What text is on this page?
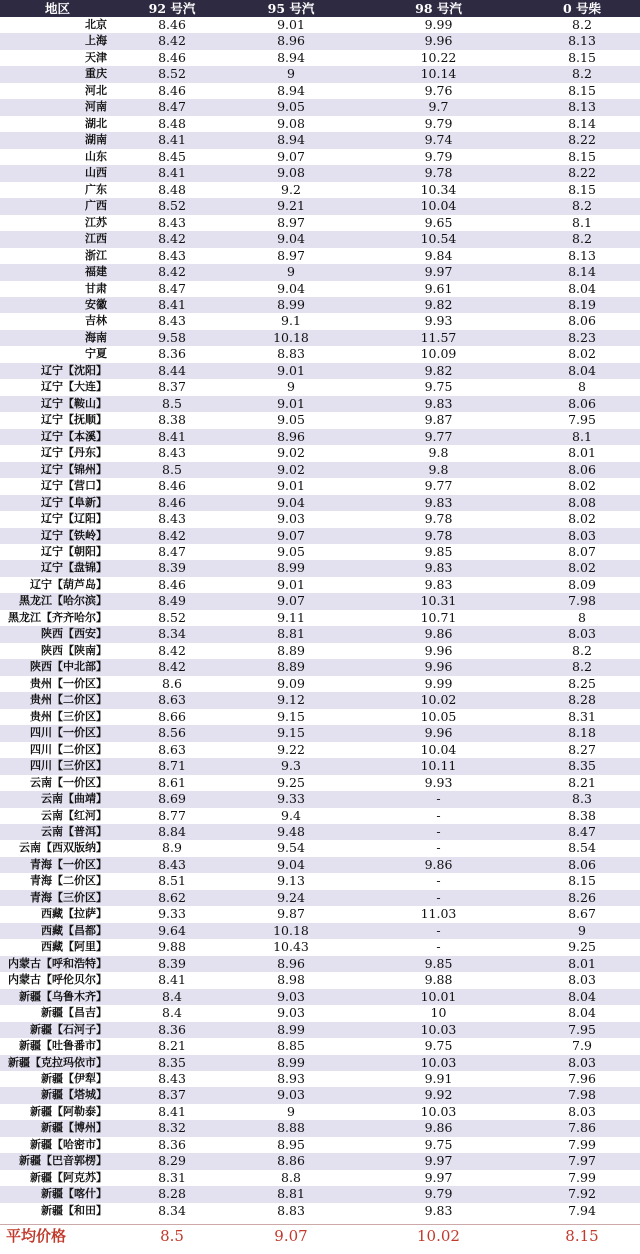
地区	92 号汽	95 号汽	98 号汽	0 号柴
北京	8.46	9.01	9.99	8.2
上海	8.42	8.96	9.96	8.13
天津	8.46	8.94	10.22	8.15
重庆	8.52	9	10.14	8.2
河北	8.46	8.94	9.76	8.15
河南	8.47	9.05	9.7	8.13
湖北	8.48	9.08	9.79	8.14
湖南	8.41	8.94	9.74	8.22
山东	8.45	9.07	9.79	8.15
山西	8.41	9.08	9.78	8.22
广东	8.48	9.2	10.34	8.15
广西	8.52	9.21	10.04	8.2
江苏	8.43	8.97	9.65	8.1
江西	8.42	9.04	10.54	8.2
浙江	8.43	8.97	9.84	8.13
福建	8.42	9	9.97	8.14
甘肃	8.47	9.04	9.61	8.04
安徽	8.41	8.99	9.82	8.19
吉林	8.43	9.1	9.93	8.06
海南	9.58	10.18	11.57	8.23
宁夏	8.36	8.83	10.09	8.02
辽宁【沈阳】	8.44	9.01	9.82	8.04
辽宁【大连】	8.37	9	9.75	8
辽宁【鞍山】	8.5	9.01	9.83	8.06
辽宁【抚顺】	8.38	9.05	9.87	7.95
辽宁【本溪】	8.41	8.96	9.77	8.1
辽宁【丹东】	8.43	9.02	9.8	8.01
辽宁【锦州】	8.5	9.02	9.8	8.06
辽宁【营口】	8.46	9.01	9.77	8.02
辽宁【阜新】	8.46	9.04	9.83	8.08
辽宁【辽阳】	8.43	9.03	9.78	8.02
辽宁【铁岭】	8.42	9.07	9.78	8.03
辽宁【朝阳】	8.47	9.05	9.85	8.07
辽宁【盘锦】	8.39	8.99	9.83	8.02
辽宁【葫芦岛】	8.46	9.01	9.83	8.09
黑龙江【哈尔滨】	8.49	9.07	10.31	7.98
黑龙江【齐齐哈尔】	8.52	9.11	10.71	8
陕西【西安】	8.34	8.81	9.86	8.03
陕西【陕南】	8.42	8.89	9.96	8.2
陕西【中北部】	8.42	8.89	9.96	8.2
贵州【一价区】	8.6	9.09	9.99	8.25
贵州【二价区】	8.63	9.12	10.02	8.28
贵州【三价区】	8.66	9.15	10.05	8.31
四川【一价区】	8.56	9.15	9.96	8.18
四川【二价区】	8.63	9.22	10.04	8.27
四川【三价区】	8.71	9.3	10.11	8.35
云南【一价区】	8.61	9.25	9.93	8.21
云南【曲靖】	8.69	9.33	-	8.3
云南【红河】	8.77	9.4	-	8.38
云南【普洱】	8.84	9.48	-	8.47
云南【西双版纳】	8.9	9.54	-	8.54
青海【一价区】	8.43	9.04	9.86	8.06
青海【二价区】	8.51	9.13	-	8.15
青海【三价区】	8.62	9.24	-	8.26
西藏【拉萨】	9.33	9.87	11.03	8.67
西藏【昌都】	9.64	10.18	-	9
西藏【阿里】	9.88	10.43	-	9.25
内蒙古【呼和浩特】	8.39	8.96	9.85	8.01
内蒙古【呼伦贝尔】	8.41	8.98	9.88	8.03
新疆【乌鲁木齐】	8.4	9.03	10.01	8.04
新疆【昌吉】	8.4	9.03	10	8.04
新疆【石河子】	8.36	8.99	10.03	7.95
新疆【吐鲁番市】	8.21	8.85	9.75	7.9
新疆【克拉玛依市】	8.35	8.99	10.03	8.03
新疆【伊犁】	8.43	8.93	9.91	7.96
新疆【塔城】	8.37	9.03	9.92	7.98
新疆【阿勒泰】	8.41	9	10.03	8.03
新疆【博州】	8.32	8.88	9.86	7.86
新疆【哈密市】	8.36	8.95	9.75	7.99
新疆【巴音郭楞】	8.29	8.86	9.97	7.97
新疆【阿克苏】	8.31	8.8	9.97	7.99
新疆【喀什】	8.28	8.81	9.79	7.92
新疆【和田】	8.34	8.83	9.83	7.94
平均价格	8.5	9.07	10.02	8.15
